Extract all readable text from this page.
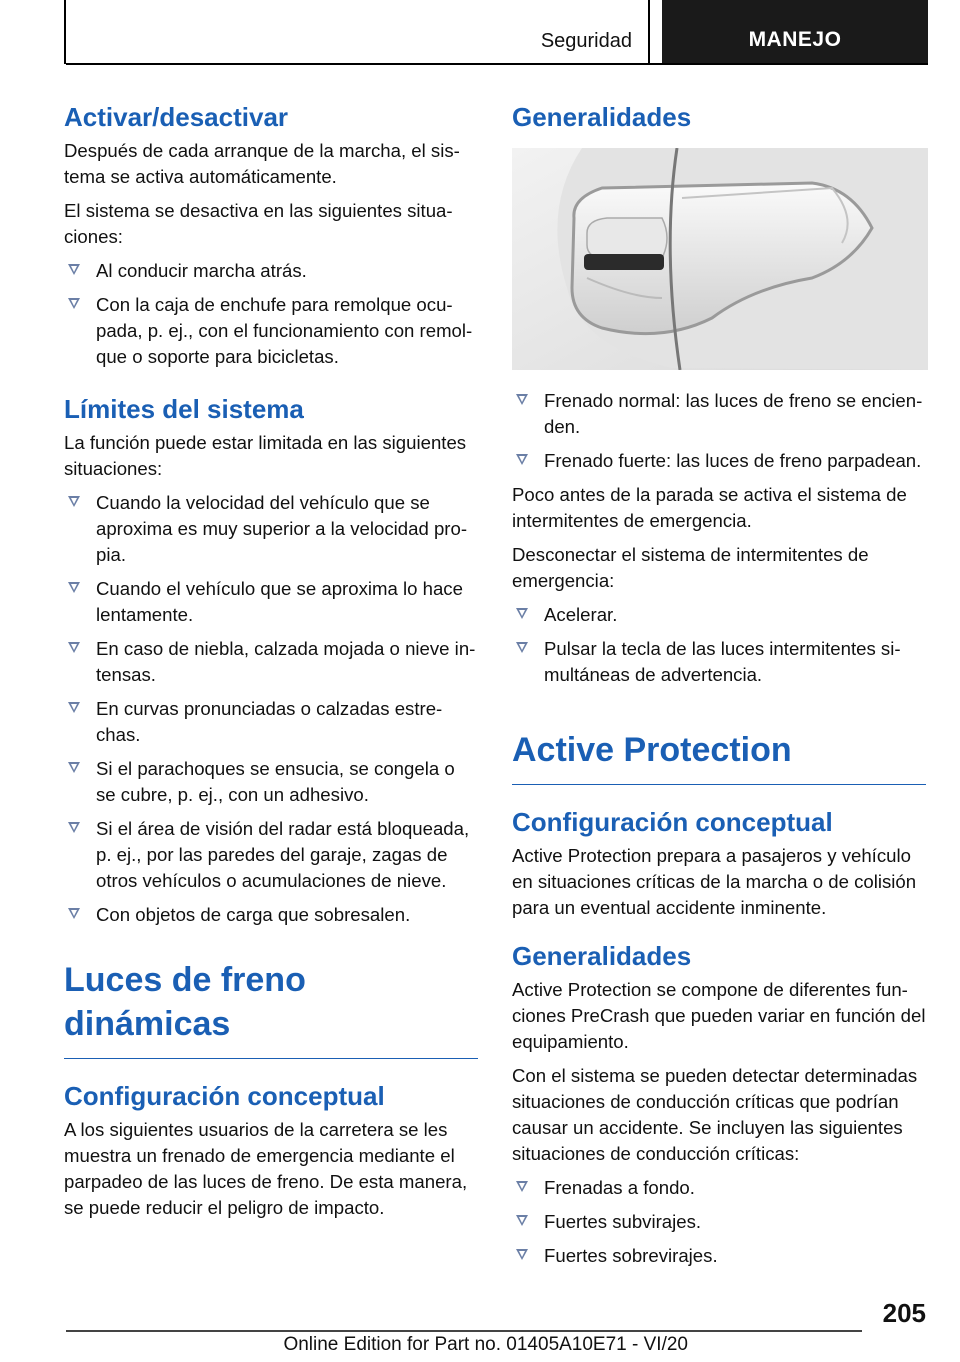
Seguridad	MANEJO
Activar/desactivar

Después de cada arranque de la marcha, el sistema se activa automáticamente.

El sistema se desactiva en las siguientes situaciones:

Al conducir marcha atrás.
Con la caja de enchufe para remolque ocupada, p. ej., con el funcionamiento con remolque o soporte para bicicletas.
Límites del sistema

La función puede estar limitada en las siguientes situaciones:

Cuando la velocidad del vehículo que se aproxima es muy superior a la velocidad propia.
Cuando el vehículo que se aproxima lo hace lentamente.
En caso de niebla, calzada mojada o nieve intensas.
En curvas pronunciadas o calzadas estrechas.
Si el parachoques se ensucia, se congela o se cubre, p. ej., con un adhesivo.
Si el área de visión del radar está bloqueada, p. ej., por las paredes del garaje, zagas de otros vehículos o acumulaciones de nieve.
Con objetos de carga que sobresalen.
Luces de freno dinámicas
Configuración conceptual

A los siguientes usuarios de la carretera se les muestra un frenado de emergencia mediante el parpadeo de las luces de freno. De esta manera, se puede reducir el peligro de impacto.

Generalidades
Frenado normal: las luces de freno se encienden.
Frenado fuerte: las luces de freno parpadean.

Poco antes de la parada se activa el sistema de intermitentes de emergencia.

Desconectar el sistema de intermitentes de emergencia:

Acelerar.
Pulsar la tecla de las luces intermitentes simultáneas de advertencia.
Active Protection
Configuración conceptual

Active Protection prepara a pasajeros y vehículo en situaciones críticas de la marcha o de colisión para un eventual accidente inminente.

Generalidades

Active Protection se compone de diferentes funciones PreCrash que pueden variar en función del equipamiento.

Con el sistema se pueden detectar determinadas situaciones de conducción críticas que podrían causar un accidente. Se incluyen las siguientes situaciones de conducción críticas:

Frenadas a fondo.
Fuertes subvirajes.
Fuertes sobrevirajes.
205
Online Edition for Part no. 01405A10E71 - VI/20
